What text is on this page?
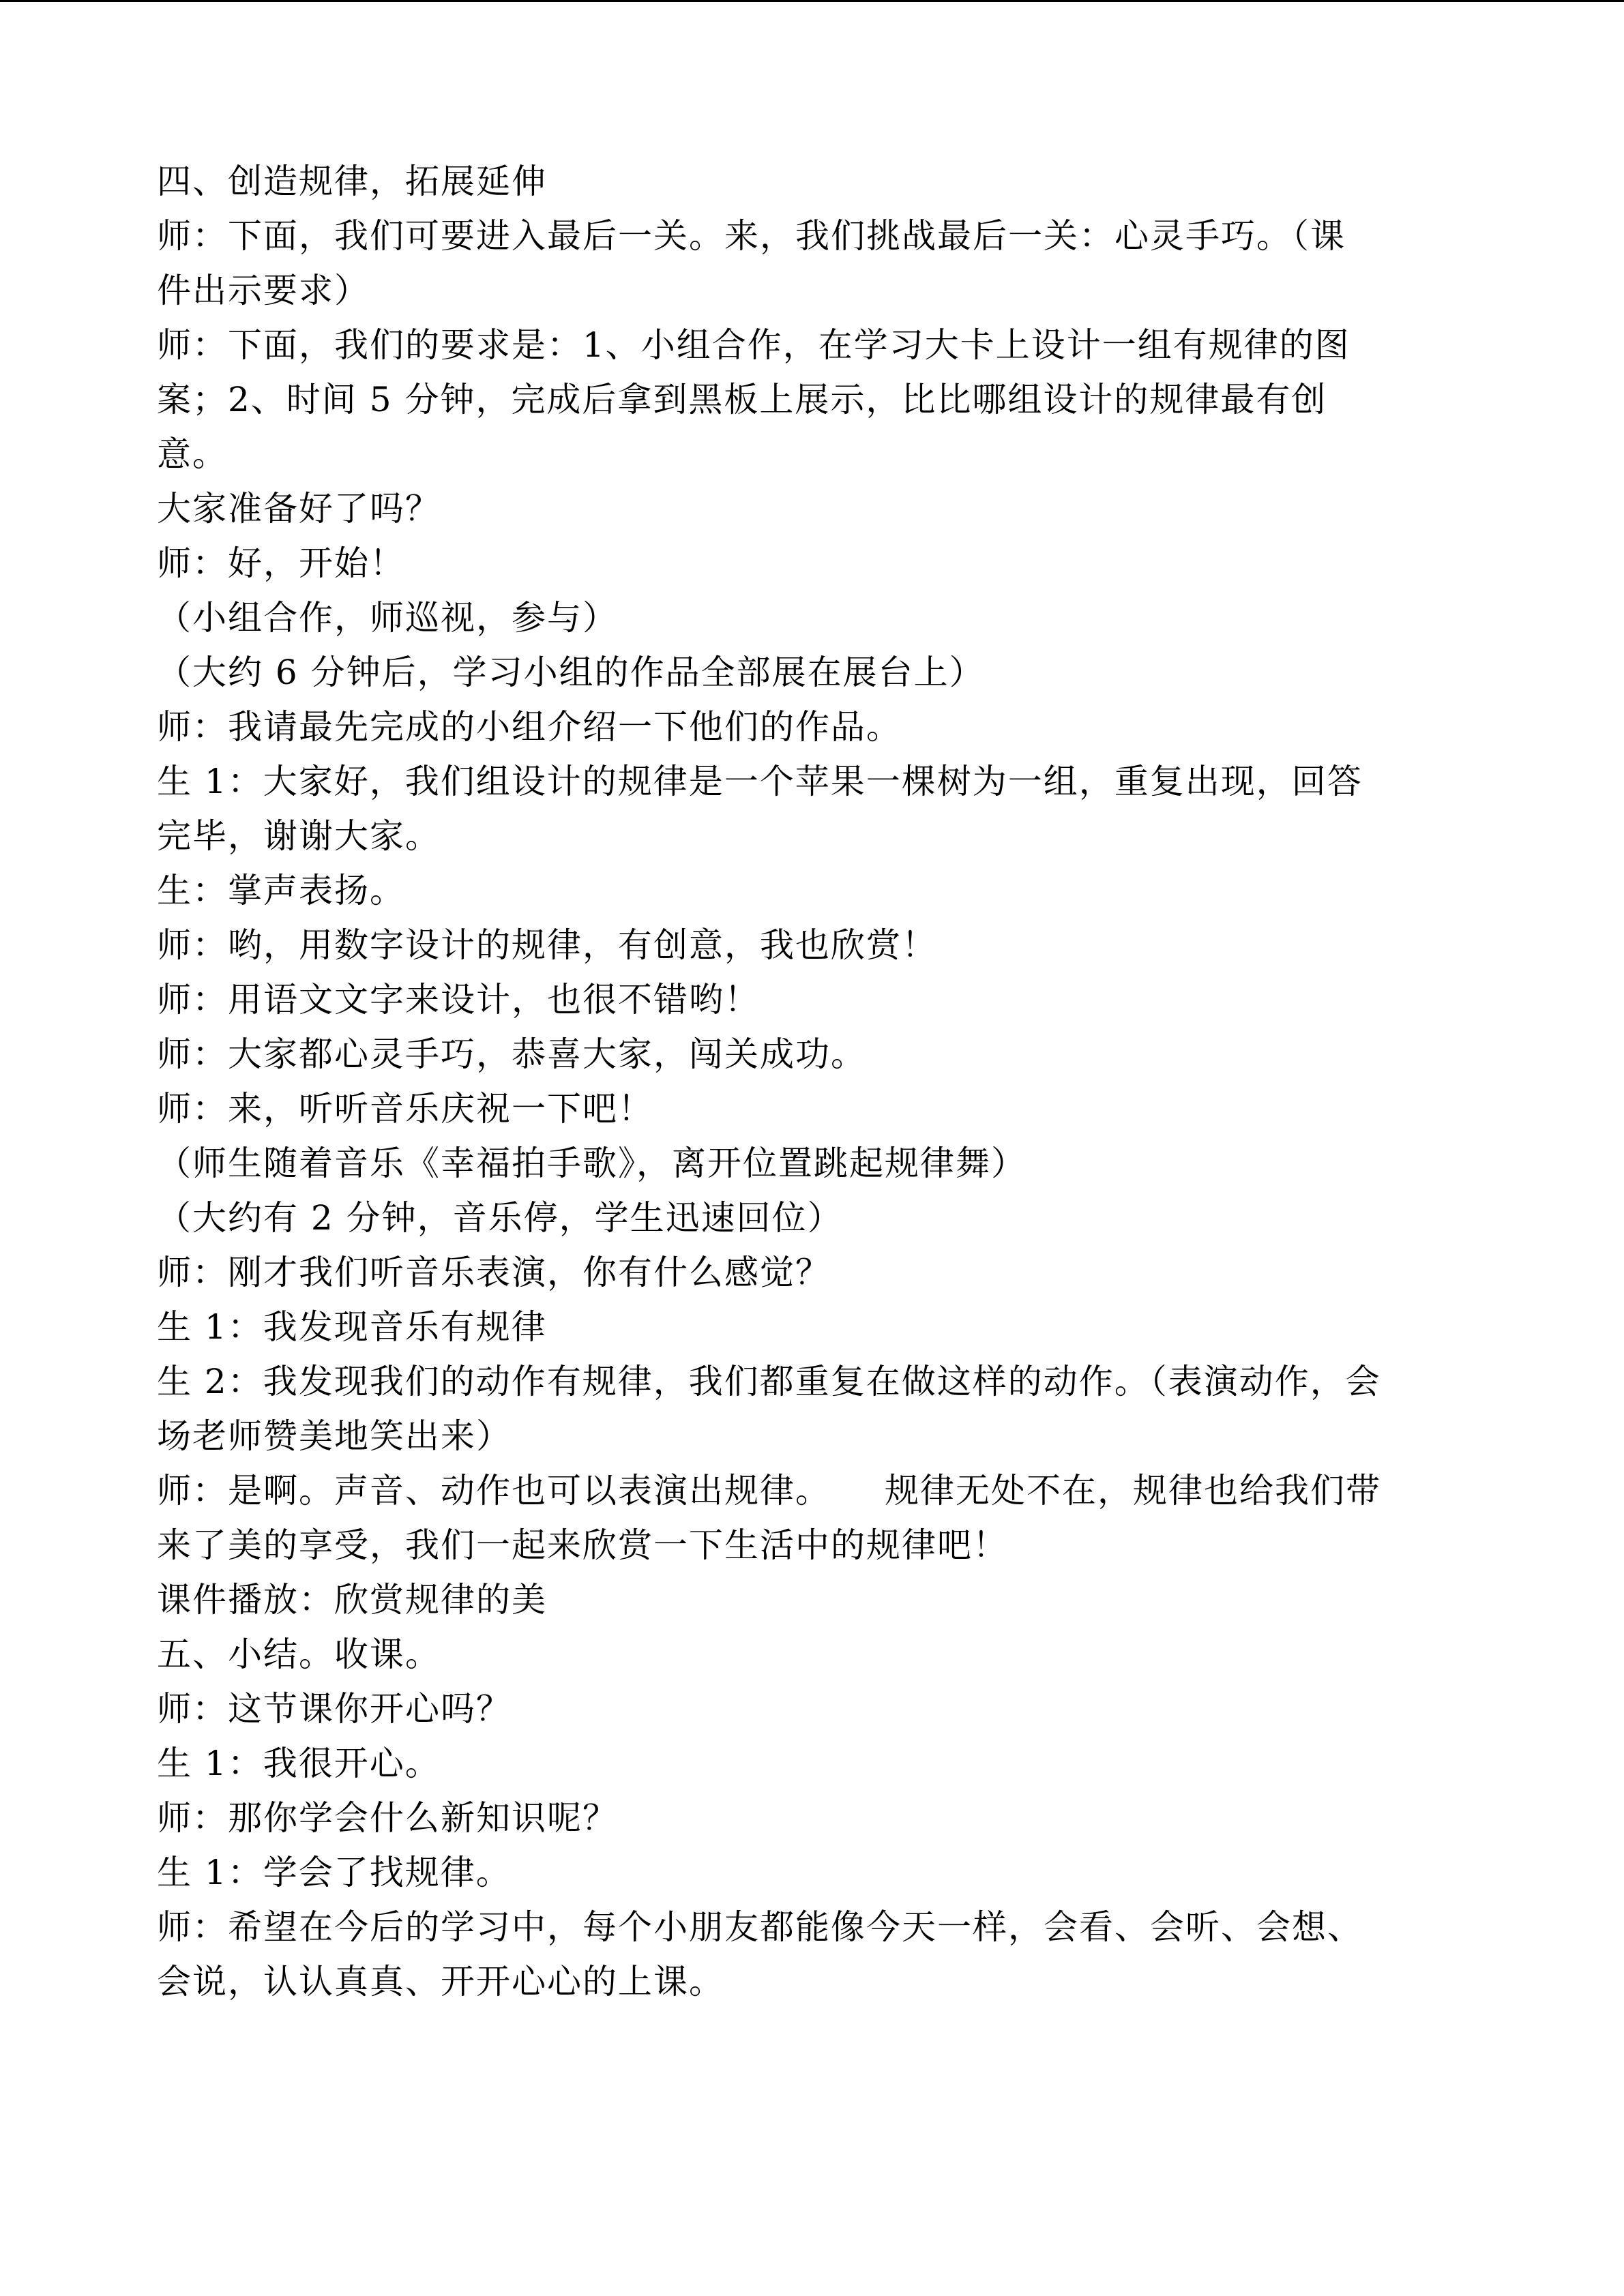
四、创造规律，拓展延伸
师：下面，我们可要进入最后一关。来，我们挑战最后一关：心灵手巧。（课
件出示要求）
师：下面，我们的要求是：1、小组合作，在学习大卡上设计一组有规律的图
案；2、时间 5 分钟，完成后拿到黑板上展示，比比哪组设计的规律最有创
意。
大家准备好了吗？
师：好，开始！
（小组合作，师巡视，参与）
（大约 6 分钟后，学习小组的作品全部展在展台上）
师：我请最先完成的小组介绍一下他们的作品。
生 1：大家好，我们组设计的规律是一个苹果一棵树为一组，重复出现，回答
完毕，谢谢大家。
生：掌声表扬。
师：哟，用数字设计的规律，有创意，我也欣赏！
师：用语文文字来设计，也很不错哟！
师：大家都心灵手巧，恭喜大家，闯关成功。
师：来，听听音乐庆祝一下吧！
（师生随着音乐《幸福拍手歌》，离开位置跳起规律舞）
（大约有 2 分钟，音乐停，学生迅速回位）
师：刚才我们听音乐表演，你有什么感觉？
生 1：我发现音乐有规律
生 2：我发现我们的动作有规律，我们都重复在做这样的动作。（表演动作，会
场老师赞美地笑出来）
师：是啊。声音、动作也可以表演出规律。　　规律无处不在，规律也给我们带
来了美的享受，我们一起来欣赏一下生活中的规律吧！
课件播放：欣赏规律的美
五、小结。收课。
师：这节课你开心吗？
生 1：我很开心。
师：那你学会什么新知识呢？
生 1：学会了找规律。
师：希望在今后的学习中，每个小朋友都能像今天一样，会看、会听、会想、
会说，认认真真、开开心心的上课。
